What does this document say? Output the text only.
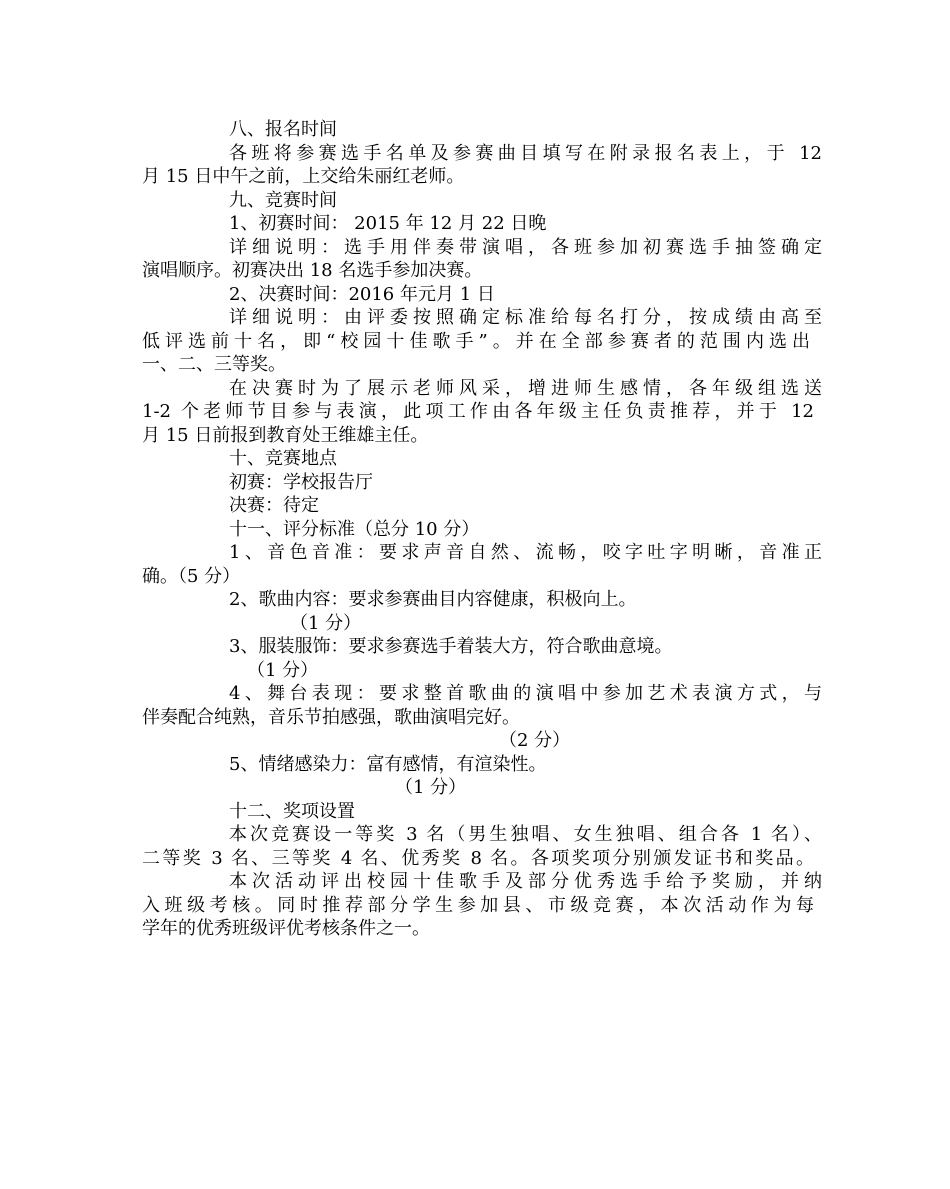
八、报名时间
各班将参赛选手名单及参赛曲目填写在附录报名表上，于 12
月 15 日中午之前，上交给朱丽红老师。
九、竞赛时间
1、初赛时间： 2015 年 12 月 22 日晚
详细说明：选手用伴奏带演唱，各班参加初赛选手抽签确定
演唱顺序。初赛决出 18 名选手参加决赛。
2、决赛时间：2016 年元月 1 日
详细说明：由评委按照确定标准给每名打分，按成绩由高至
低评选前十名，即“校园十佳歌手”。并在全部参赛者的范围内选出
一、二、三等奖。
在决赛时为了展示老师风采，增进师生感情，各年级组选送
1-2 个老师节目参与表演，此项工作由各年级主任负责推荐，并于 12
月 15 日前报到教育处王维雄主任。
十、竞赛地点
初赛：学校报告厅
决赛：待定
十一、评分标准（总分 10 分）
1、音色音准：要求声音自然、流畅，咬字吐字明晰，音准正
确。（5 分）
2、歌曲内容：要求参赛曲目内容健康，积极向上。
（1 分）
3、服装服饰：要求参赛选手着装大方，符合歌曲意境。
（1 分）
4、舞台表现：要求整首歌曲的演唱中参加艺术表演方式，与
伴奏配合纯熟，音乐节拍感强，歌曲演唱完好。
（2 分）
5、情绪感染力：富有感情，有渲染性。
（1 分）
十二、奖项设置
本次竞赛设一等奖 3 名（男生独唱、女生独唱、组合各 1 名）、
二等奖 3 名、三等奖 4 名、优秀奖 8 名。各项奖项分别颁发证书和奖品。
本次活动评出校园十佳歌手及部分优秀选手给予奖励，并纳
入班级考核。同时推荐部分学生参加县、市级竞赛，本次活动作为每
学年的优秀班级评优考核条件之一。
